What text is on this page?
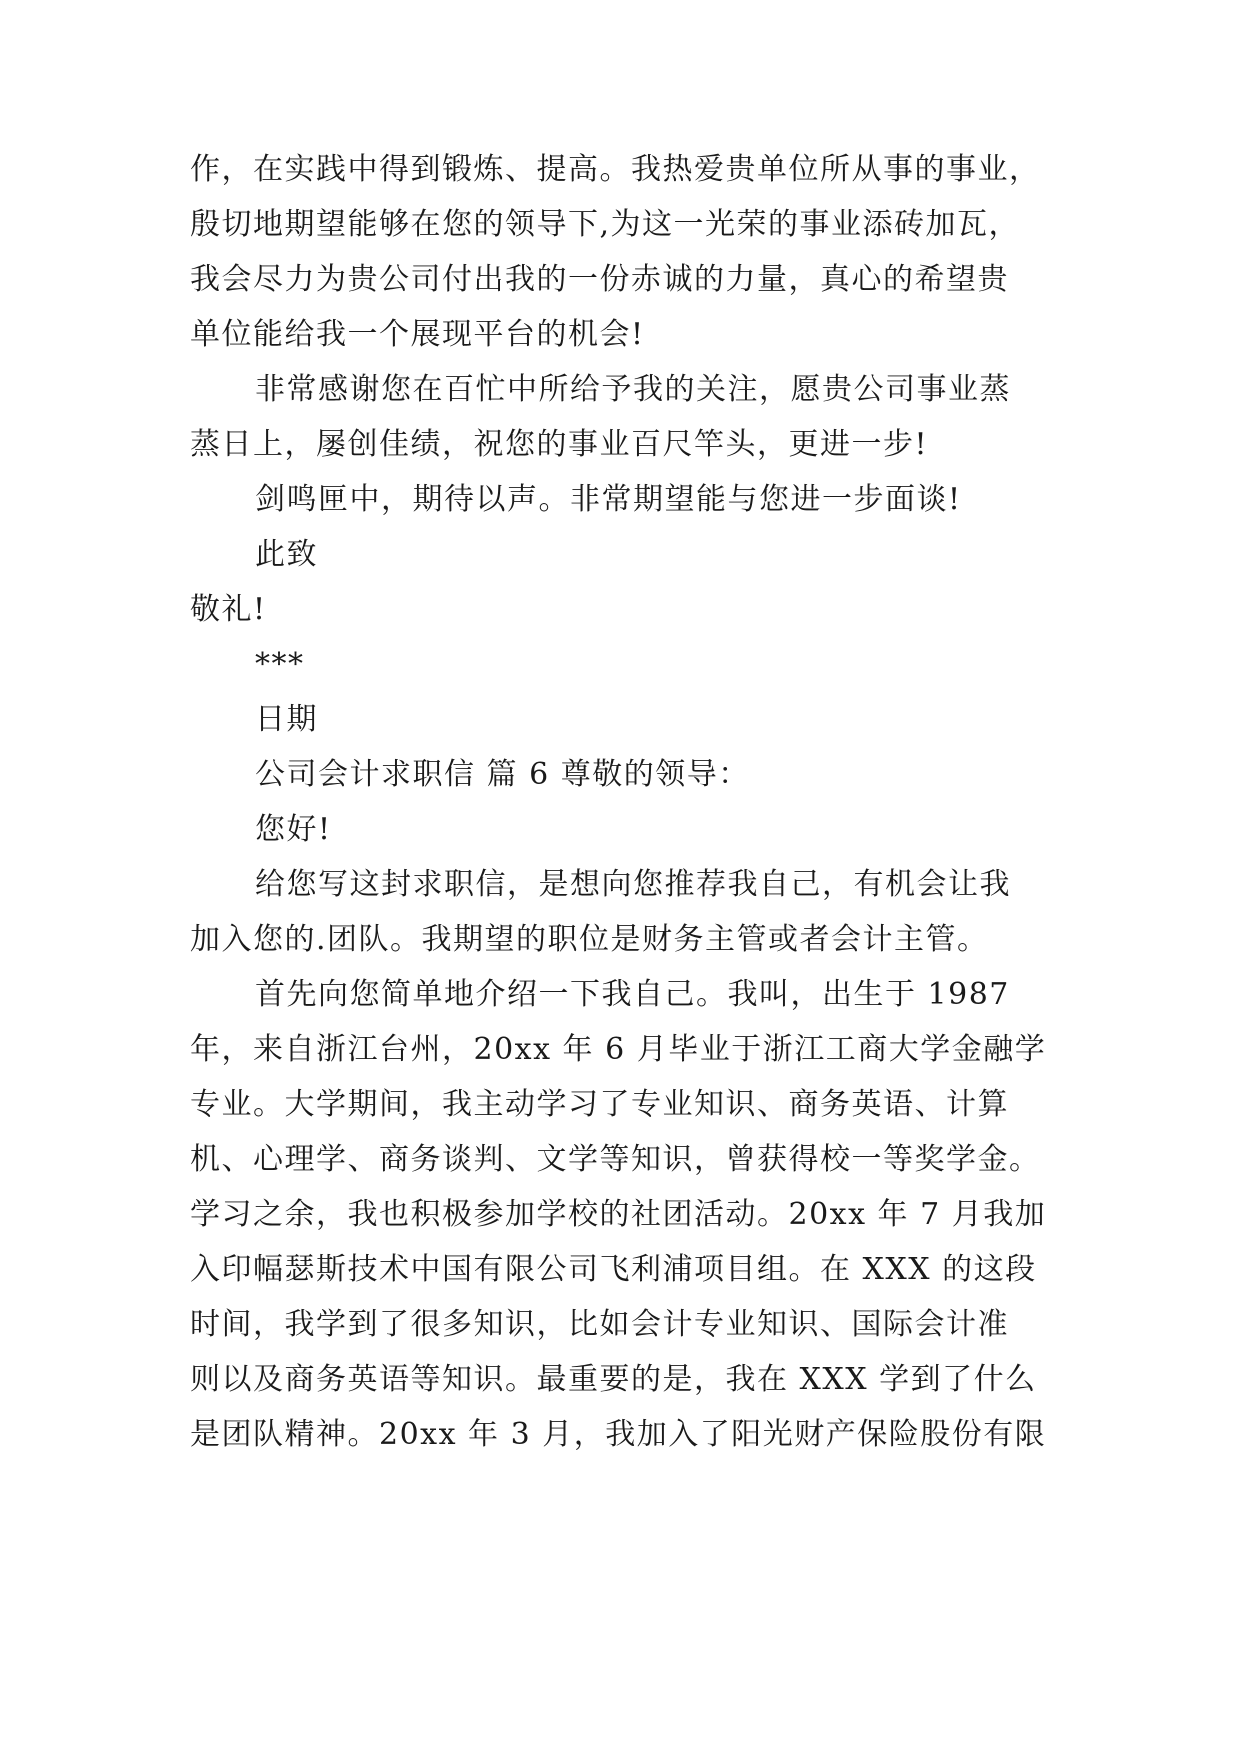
作，在实践中得到锻炼、提高。我热爱贵单位所从事的事业，
殷切地期望能够在您的领导下,为这一光荣的事业添砖加瓦，
我会尽力为贵公司付出我的一份赤诚的力量，真心的希望贵
单位能给我一个展现平台的机会!
非常感谢您在百忙中所给予我的关注，愿贵公司事业蒸
蒸日上，屡创佳绩，祝您的事业百尺竿头，更进一步!
剑鸣匣中，期待以声。非常期望能与您进一步面谈!
此致
敬礼!
***
日期
公司会计求职信 篇 6 尊敬的领导：
您好!
给您写这封求职信，是想向您推荐我自己，有机会让我
加入您的.团队。我期望的职位是财务主管或者会计主管。
首先向您简单地介绍一下我自己。我叫，出生于 1987
年，来自浙江台州，20xx 年 6 月毕业于浙江工商大学金融学
专业。大学期间，我主动学习了专业知识、商务英语、计算
机、心理学、商务谈判、文学等知识，曾获得校一等奖学金。
学习之余，我也积极参加学校的社团活动。20xx 年 7 月我加
入印幅瑟斯技术中国有限公司飞利浦项目组。在 XXX 的这段
时间，我学到了很多知识，比如会计专业知识、国际会计准
则以及商务英语等知识。最重要的是，我在 XXX 学到了什么
是团队精神。20xx 年 3 月，我加入了阳光财产保险股份有限
